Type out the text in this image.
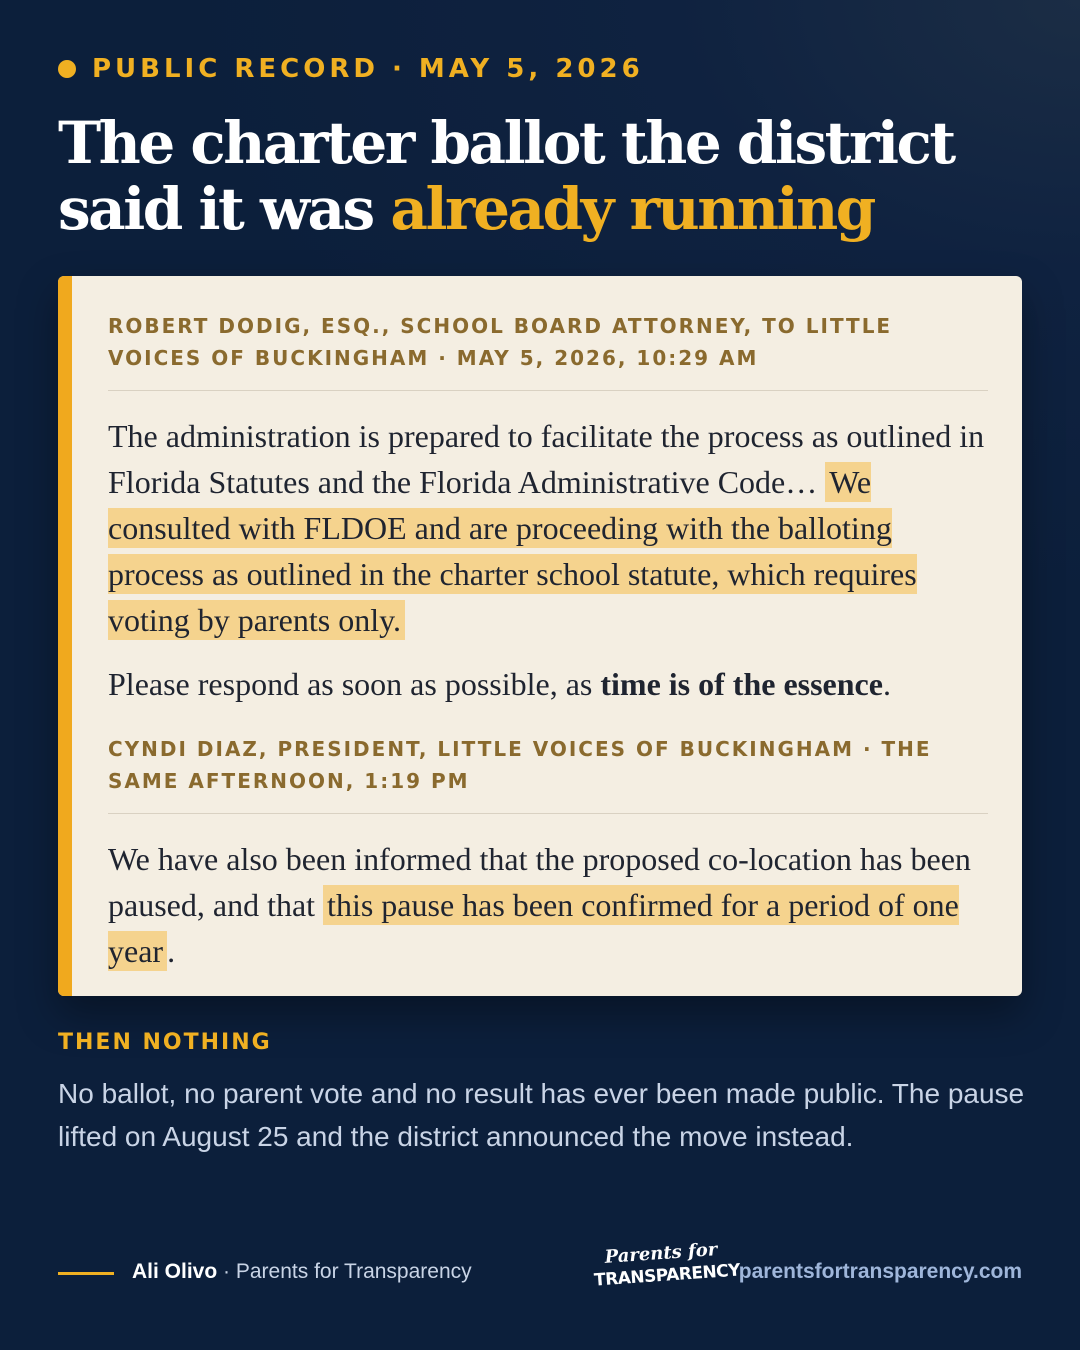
PUBLIC RECORD · MAY 5, 2026
The charter ballot the district said it was already running

ROBERT DODIG, ESQ., SCHOOL BOARD ATTORNEY, TO LITTLE VOICES OF BUCKINGHAM · MAY 5, 2026, 10:29 AM

The administration is prepared to facilitate the process as outlined in Florida Statutes and the Florida Administrative Code… We consulted with FLDOE and are proceeding with the balloting process as outlined in the charter school statute, which requires voting by parents only.

Please respond as soon as possible, as time is of the essence.

CYNDI DIAZ, PRESIDENT, LITTLE VOICES OF BUCKINGHAM · THE SAME AFTERNOON, 1:19 PM

We have also been informed that the proposed co-location has been paused, and that this pause has been confirmed for a period of one year .

THEN NOTHING

No ballot, no parent vote and no result has ever been made public. The pause lifted on August 25 and the district announced the move instead.

Ali Olivo · Parents for Transparency
Parents for
TRANSPARENCY
parentsfortransparency.com
